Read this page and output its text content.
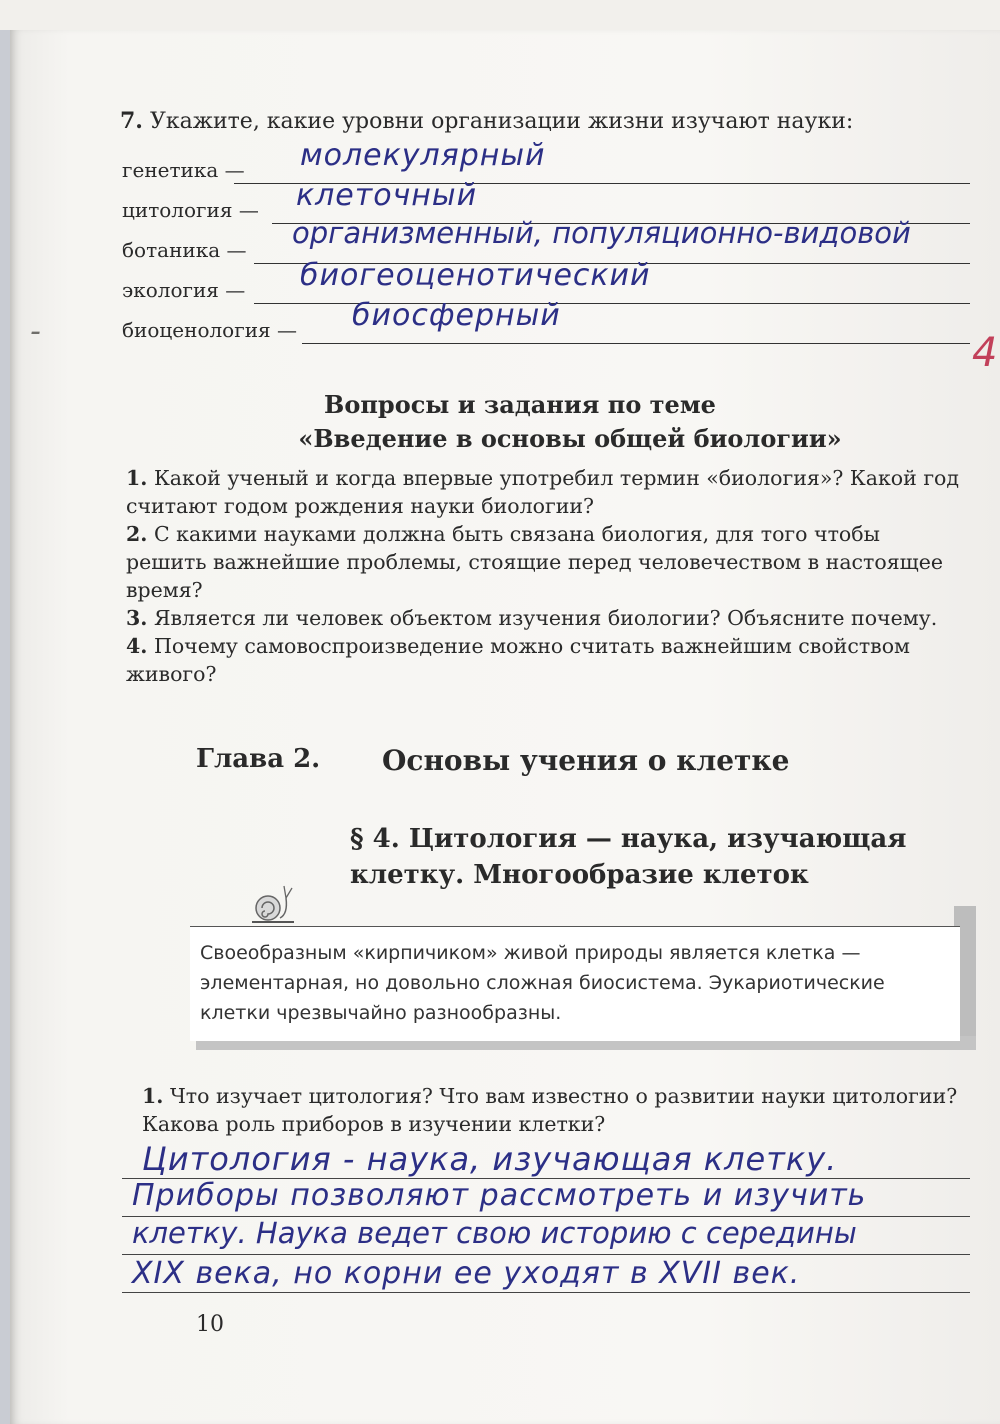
7. Укажите, какие уровни организации жизни изучают науки:
генетика — молекулярный
цитология — клеточный
ботаника — организменный, популяционно-видовой
экология — биогеоценотический
биоценология — биосферный
-	4
Вопросы и задания по теме
«Введение в основы общей биологии»

1. Какой ученый и когда впервые употребил термин «биология»? Какой год считают годом рождения науки биологии?

2. С какими науками должна быть связана биология, для того чтобы решить важнейшие проблемы, стоящие перед человечеством в настоящее время?

3. Является ли человек объектом изучения биологии? Объясните почему.

4. Почему самовоспроизведение можно считать важнейшим свойством живого?

Глава 2. Основы учения о клетке
§ 4. Цитология — наука, изучающая
клетку. Многообразие клеток
Своеобразным «кирпичиком» живой природы является клетка — элементарная, но довольно сложная биосистема. Эукариотические клетки чрезвычайно разнообразны.

1. Что изучает цитология? Что вам известно о развитии науки цитологии? Какова роль приборов в изучении клетки?

Цитология - наука, изучающая клетку.
Приборы позволяют рассмотреть и изучить
клетку. Наука ведет свою историю с середины
XIX века, но корни ее уходят в XVII век.
10
